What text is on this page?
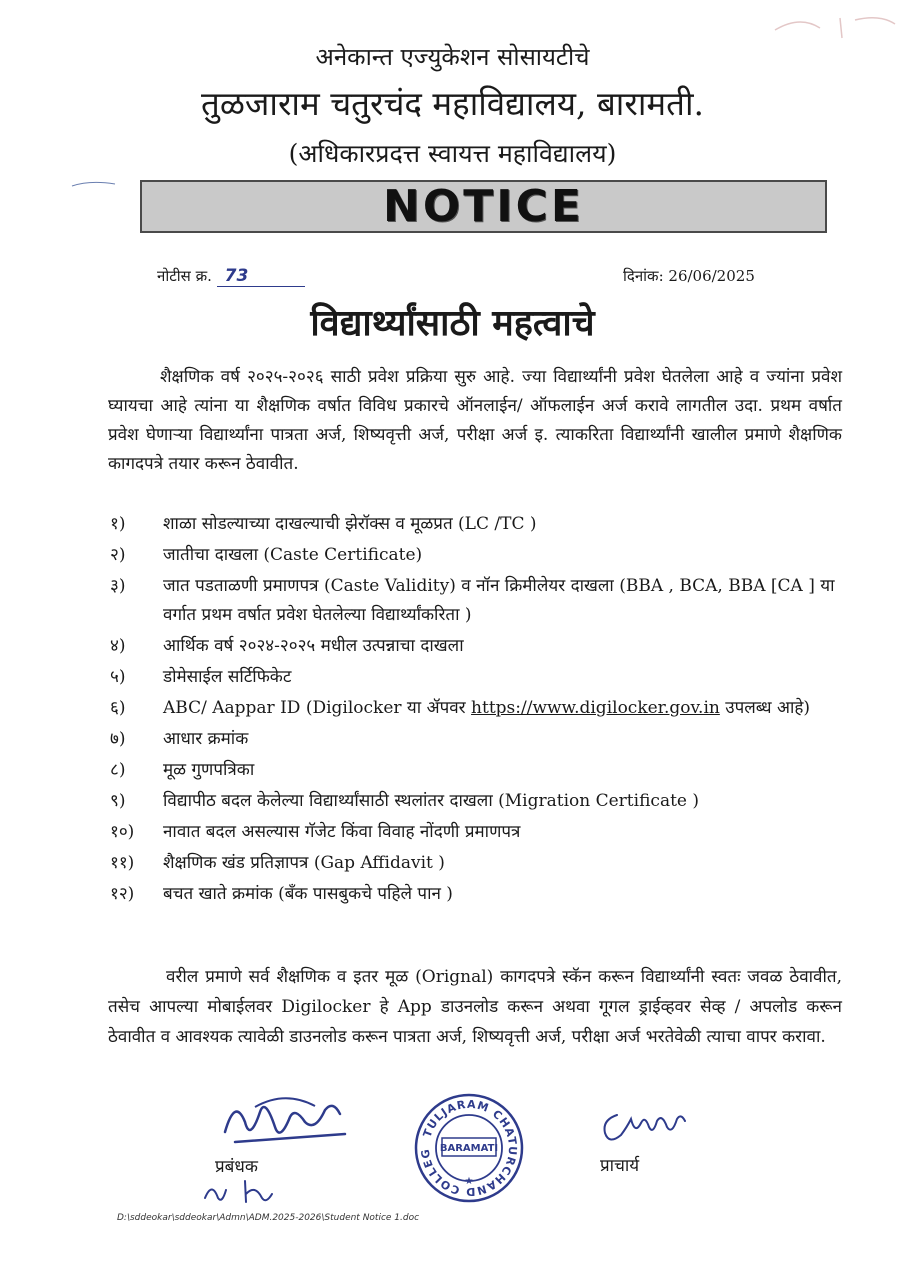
अनेकान्त एज्युकेशन सोसायटीचे
तुळजाराम चतुरचंद महाविद्यालय, बारामती.
(अधिकारप्रदत्त स्वायत्त महाविद्यालय)
NOTICE
नोटीस क्र. 73	दिनांक: 26/06/2025
विद्यार्थ्यांसाठी महत्वाचे
शैक्षणिक वर्ष २०२५-२०२६ साठी प्रवेश प्रक्रिया सुरु आहे. ज्या विद्यार्थ्यांनी प्रवेश घेतलेला आहे व ज्यांना प्रवेश घ्यायचा आहे त्यांना या शैक्षणिक वर्षात विविध प्रकारचे ऑनलाईन/ ऑफलाईन अर्ज करावे लागतील उदा. प्रथम वर्षात प्रवेश घेणाऱ्या विद्यार्थ्यांना पात्रता अर्ज, शिष्यवृत्ती अर्ज, परीक्षा अर्ज इ. त्याकरिता विद्यार्थ्यांनी खालील प्रमाणे शैक्षणिक कागदपत्रे तयार करून ठेवावीत.
१)	शाळा सोडल्याच्या दाखल्याची झेरॉक्स व मूळप्रत (LC /TC )
२)	जातीचा दाखला (Caste Certificate)
३)	जात पडताळणी प्रमाणपत्र (Caste Validity) व नॉन क्रिमीलेयर दाखला (BBA , BCA, BBA [CA ] या वर्गात प्रथम वर्षात प्रवेश घेतलेल्या विद्यार्थ्यांकरिता )
४)	आर्थिक वर्ष २०२४-२०२५ मधील उत्पन्नाचा दाखला
५)	डोमेसाईल सर्टिफिकेट
६)	ABC/ Aappar ID (Digilocker या ॲपवर https://www.digilocker.gov.in उपलब्ध आहे)
७)	आधार क्रमांक
८)	मूळ गुणपत्रिका
९)	विद्यापीठ बदल केलेल्या विद्यार्थ्यांसाठी स्थलांतर दाखला (Migration Certificate )
१०)	नावात बदल असल्यास गॅजेट किंवा विवाह नोंदणी प्रमाणपत्र
११)	शैक्षणिक खंड प्रतिज्ञापत्र (Gap Affidavit )
१२)	बचत खाते क्रमांक (बँक पासबुकचे पहिले पान )
वरील प्रमाणे सर्व शैक्षणिक व इतर मूळ (Orignal) कागदपत्रे स्कॅन करून विद्यार्थ्यांनी स्वतः जवळ ठेवावीत, तसेच आपल्या मोबाईलवर Digilocker हे App डाउनलोड करून अथवा गूगल ड्राईव्हवर सेव्ह / अपलोड करून ठेवावीत व आवश्यक त्यावेळी डाउनलोड करून पात्रता अर्ज, शिष्यवृत्ती अर्ज, परीक्षा अर्ज भरतेवेळी त्याचा वापर करावा.
प्रबंधक
TULJARAM CHATURCHAND COLLEG BARAMATI
★
प्राचार्य
D:\sddeokar\sddeokar\Admn\ADM.2025-2026\Student Notice 1.doc
